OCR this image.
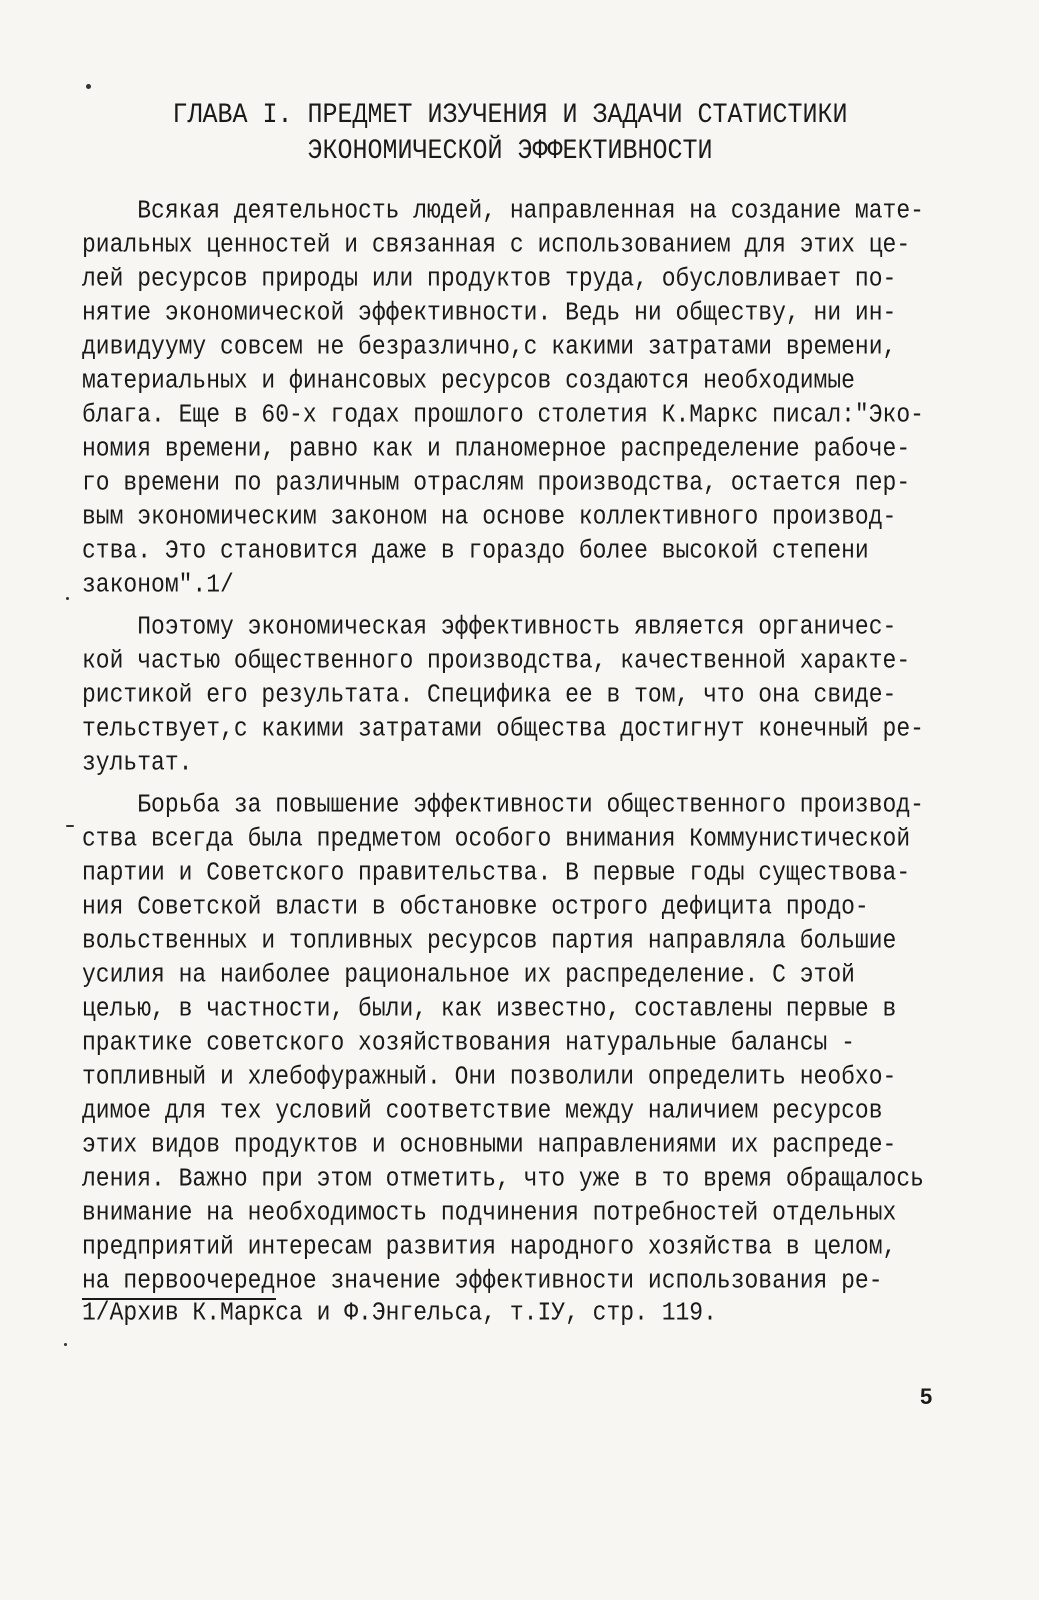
ГЛАВА I. ПРЕДМЕТ ИЗУЧЕНИЯ И ЗАДАЧИ СТАТИСТИКИ
ЭКОНОМИЧЕСКОЙ ЭФФЕКТИВНОСТИ
Всякая деятельность людей, направленная на создание мате-
риальных ценностей и связанная с использованием для этих це-
лей ресурсов природы или продуктов труда, обусловливает по-
нятие экономической эффективности. Ведь ни обществу, ни ин-
дивидууму совсем не безразлично,с какими затратами времени,
материальных и финансовых ресурсов создаются необходимые
блага. Еще в 60-х годах прошлого столетия К.Маркс писал:"Эко-
номия времени, равно как и планомерное распределение рабоче-
го времени по различным отраслям производства, остается пер-
вым экономическим законом на основе коллективного производ-
ства. Это становится даже в гораздо более высокой степени
законом".1/
Поэтому экономическая эффективность является органичес-
кой частью общественного производства, качественной характе-
ристикой его результата. Специфика ее в том, что она свиде-
тельствует,с какими затратами общества достигнут конечный ре-
зультат.
Борьба за повышение эффективности общественного производ-
ства всегда была предметом особого внимания Коммунистической
партии и Советского правительства. В первые годы существова-
ния Советской власти в обстановке острого дефицита продо-
вольственных и топливных ресурсов партия направляла большие
усилия на наиболее рациональное их распределение. С этой
целью, в частности, были, как известно, составлены первые в
практике советского хозяйствования натуральные балансы -
топливный и хлебофуражный. Они позволили определить необхо-
димое для тех условий соответствие между наличием ресурсов
этих видов продуктов и основными направлениями их распреде-
ления. Важно при этом отметить, что уже в то время обращалось
внимание на необходимость подчинения потребностей отдельных
предприятий интересам развития народного хозяйства в целом,
на первоочередное значение эффективности использования ре-
1/Архив К.Маркса и Ф.Энгельса, т.IУ, стр. 119.
5
